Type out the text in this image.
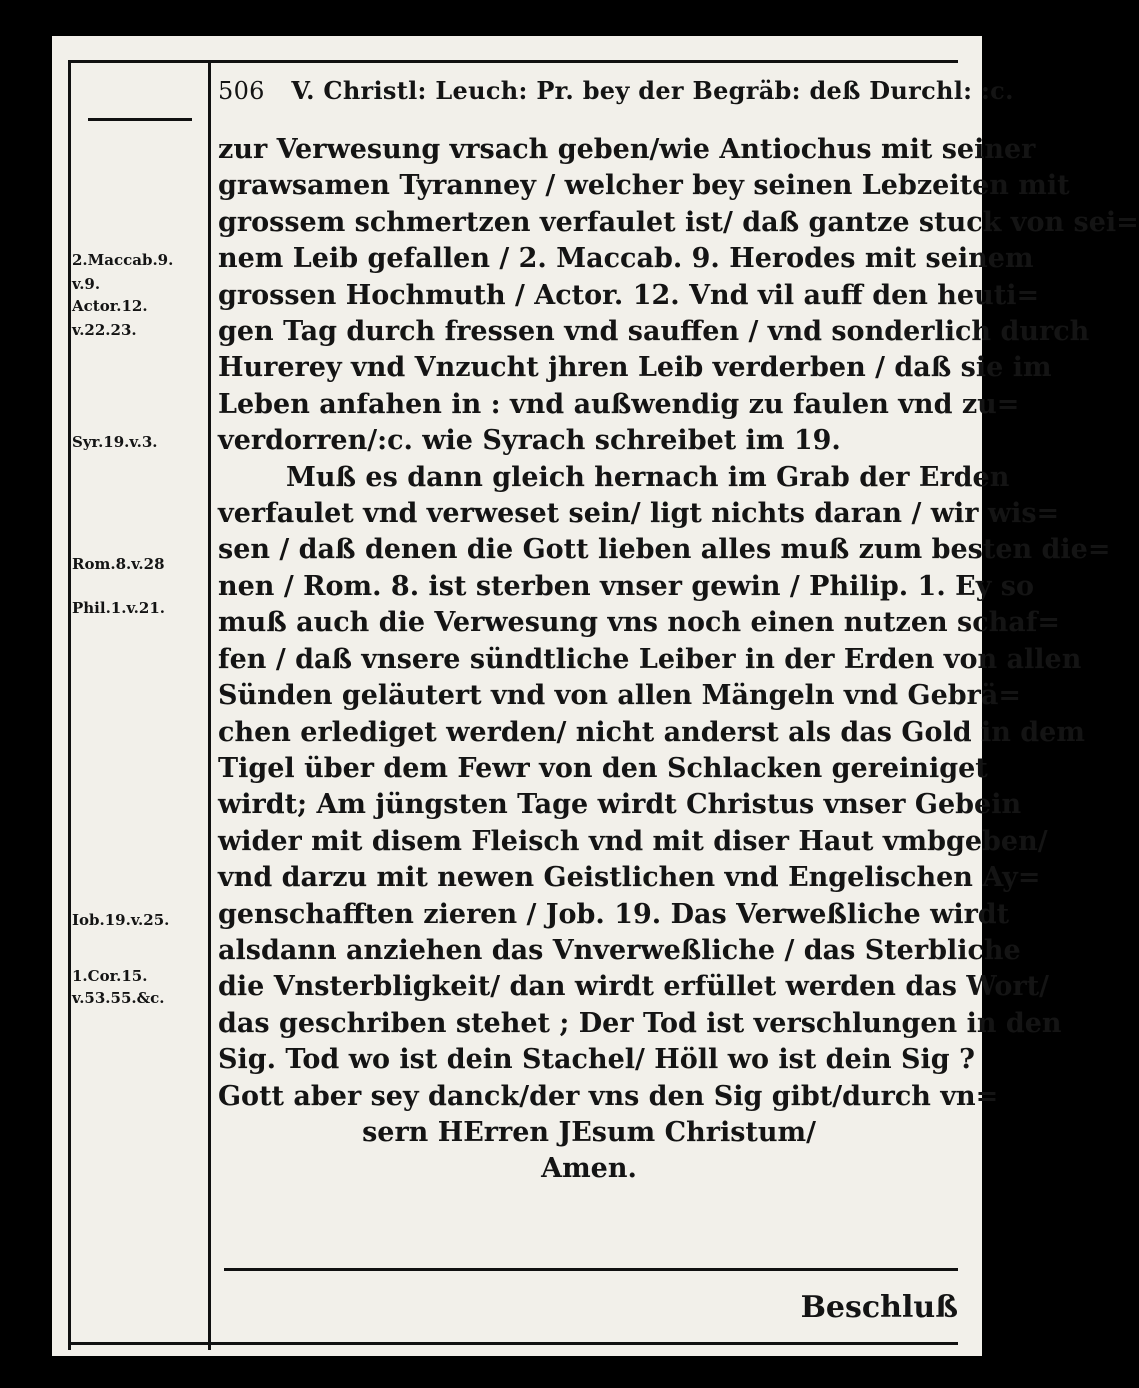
506 V. Christl: Leuch: Pr. bey der Begräb: deß Durchl: :c.
2.Maccab.9.
v.9.
Actor.12.
v.22.23.
Syr.19.v.3.
Rom.8.v.28
Phil.1.v.21.
Iob.19.v.25.
1.Cor.15.
v.53.55.&c.
zur Verwesung vrsach geben/wie Antiochus mit seiner
grawsamen Tyranney / welcher bey seinen Lebzeiten mit
grossem schmertzen verfaulet ist/ daß gantze stuck von sei=
nem Leib gefallen / 2. Maccab. 9. Herodes mit seinem
grossen Hochmuth / Actor. 12. Vnd vil auff den heuti=
gen Tag durch fressen vnd sauffen / vnd sonderlich durch
Hurerey vnd Vnzucht jhren Leib verderben / daß sie im
Leben anfahen in : vnd außwendig zu faulen vnd zu=
verdorren/:c. wie Syrach schreibet im 19.
Muß es dann gleich hernach im Grab der Erden
verfaulet vnd verweset sein/ ligt nichts daran / wir wis=
sen / daß denen die Gott lieben alles muß zum besten die=
nen / Rom. 8. ist sterben vnser gewin / Philip. 1. Ey so
muß auch die Verwesung vns noch einen nutzen schaf=
fen / daß vnsere sündtliche Leiber in der Erden von allen
Sünden geläutert vnd von allen Mängeln vnd Gebrä=
chen erlediget werden/ nicht anderst als das Gold in dem
Tigel über dem Fewr von den Schlacken gereiniget
wirdt; Am jüngsten Tage wirdt Christus vnser Gebein
wider mit disem Fleisch vnd mit diser Haut vmbgeben/
vnd darzu mit newen Geistlichen vnd Engelischen Ay=
genschafften zieren / Job. 19. Das Verweßliche wirdt
alsdann anziehen das Vnverweßliche / das Sterbliche
die Vnsterbligkeit/ dan wirdt erfüllet werden das Wort/
das geschriben stehet ; Der Tod ist verschlungen in den
Sig. Tod wo ist dein Stachel/ Höll wo ist dein Sig ?
Gott aber sey danck/der vns den Sig gibt/durch vn=
sern HErren JEsum Christum/
Amen.
Beschluß
